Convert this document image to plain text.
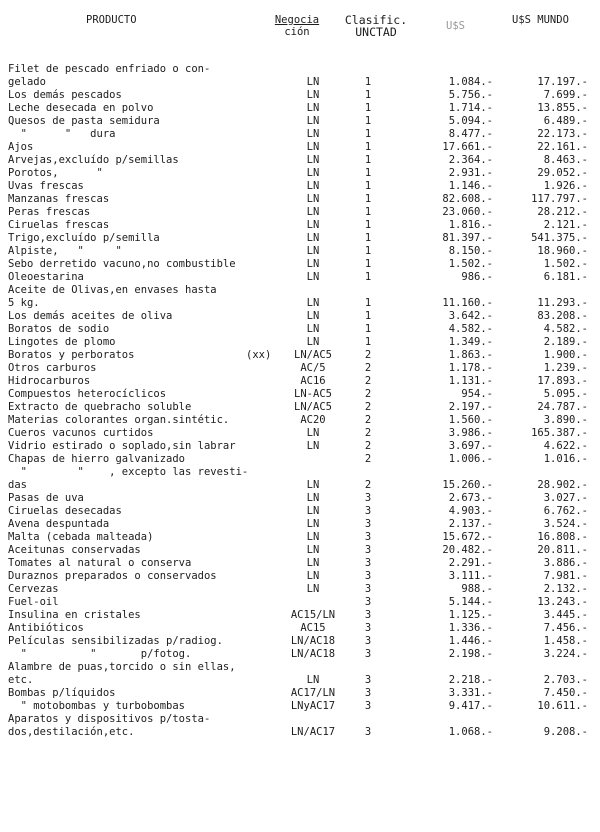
PRODUCTO	Negocia
ción
Clasific.
UNCTAD	U$S	U$S MUNDO
Filet de pescado enfriado o con-
gelado	LN	1	1.084.-	17.197.-
Los demás pescados	LN	1	5.756.-	7.699.-
Leche desecada en polvo	LN	1	1.714.-	13.855.-
Quesos de pasta semidura	LN	1	5.094.-	6.489.-
"      "   dura	LN	1	8.477.-	22.173.-
Ajos	LN	1	17.661.-	22.161.-
Arvejas,excluído p/semillas	LN	1	2.364.-	8.463.-
Porotos,      "	LN	1	2.931.-	29.052.-
Uvas frescas	LN	1	1.146.-	1.926.-
Manzanas frescas	LN	1	82.608.-	117.797.-
Peras frescas	LN	1	23.060.-	28.212.-
Ciruelas frescas	LN	1	1.816.-	2.121.-
Trigo,excluído p/semilla	LN	1	81.397.-	541.375.-
Alpiste,   "     "	LN	1	8.150.-	18.960.-
Sebo derretido vacuno,no combustible	LN	1	1.502.-	1.502.-
Oleoestarina	LN	1	986.-	6.181.-
Aceite de Olivas,en envases hasta
5 kg.	LN	1	11.160.-	11.293.-
Los demás aceites de oliva	LN	1	3.642.-	83.208.-
Boratos de sodio	LN	1	4.582.-	4.582.-
Lingotes de plomo	LN	1	1.349.-	2.189.-
Boratos y perboratos	(xx)	LN/AC5	2	1.863.-	1.900.-
Otros carburos	AC/5	2	1.178.-	1.239.-
Hidrocarburos	AC16	2	1.131.-	17.893.-
Compuestos heterocíclicos	LN-AC5	2	954.-	5.095.-
Extracto de quebracho soluble	LN/AC5	2	2.197.-	24.787.-
Materias colorantes organ.sintétic.	AC20	2	1.560.-	3.890.-
Cueros vacunos curtidos	LN	2	3.986.-	165.387.-
Vidrio estirado o soplado,sin labrar	LN	2	3.697.-	4.622.-
Chapas de hierro galvanizado	2	1.006.-	1.016.-
"        "    , excepto las revesti-
das	LN	2	15.260.-	28.902.-
Pasas de uva	LN	3	2.673.-	3.027.-
Ciruelas desecadas	LN	3	4.903.-	6.762.-
Avena despuntada	LN	3	2.137.-	3.524.-
Malta (cebada malteada)	LN	3	15.672.-	16.808.-
Aceitunas conservadas	LN	3	20.482.-	20.811.-
Tomates al natural o conserva	LN	3	2.291.-	3.886.-
Duraznos preparados o conservados	LN	3	3.111.-	7.981.-
Cervezas	LN	3	988.-	2.132.-
Fuel-oil	3	5.144.-	13.243.-
Insulina en cristales	AC15/LN	3	1.125.-	3.445.-
Antibióticos	AC15	3	1.336.-	7.456.-
Películas sensibilizadas p/radiog.	LN/AC18	3	1.446.-	1.458.-
"          "       p/fotog.	LN/AC18	3	2.198.-	3.224.-
Alambre de puas,torcido o sin ellas,
etc.	LN	3	2.218.-	2.703.-
Bombas p/líquidos	AC17/LN	3	3.331.-	7.450.-
" motobombas y turbobombas	LNyAC17	3	9.417.-	10.611.-
Aparatos y dispositivos p/tosta-
dos,destilación,etc.	LN/AC17	3	1.068.-	9.208.-
